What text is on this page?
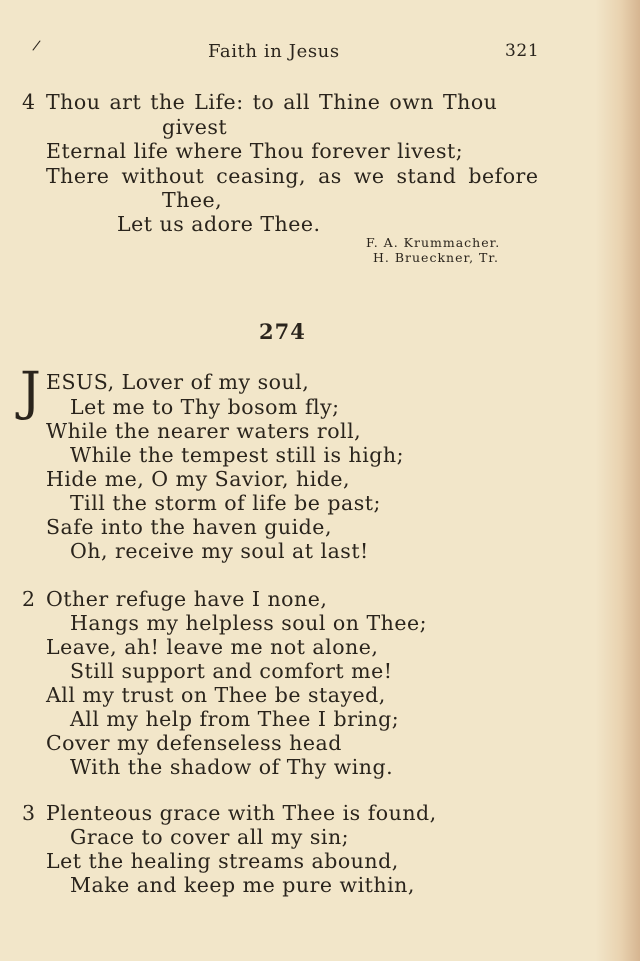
/	Faith in Jesus	321
4 Thou art the Life: to all Thine own Thou
givest
Eternal life where Thou forever livest;
There without ceasing, as we stand before
Thee,
Let us adore Thee.
F. A. Krummacher.
H. Brueckner, Tr.
274
J ESUS, Lover of my soul,
Let me to Thy bosom fly;
While the nearer waters roll,
While the tempest still is high;
Hide me, O my Savior, hide,
Till the storm of life be past;
Safe into the haven guide,
Oh, receive my soul at last!
2 Other refuge have I none,
Hangs my helpless soul on Thee;
Leave, ah! leave me not alone,
Still support and comfort me!
All my trust on Thee be stayed,
All my help from Thee I bring;
Cover my defenseless head
With the shadow of Thy wing.
3 Plenteous grace with Thee is found,
Grace to cover all my sin;
Let the healing streams abound,
Make and keep me pure within,
